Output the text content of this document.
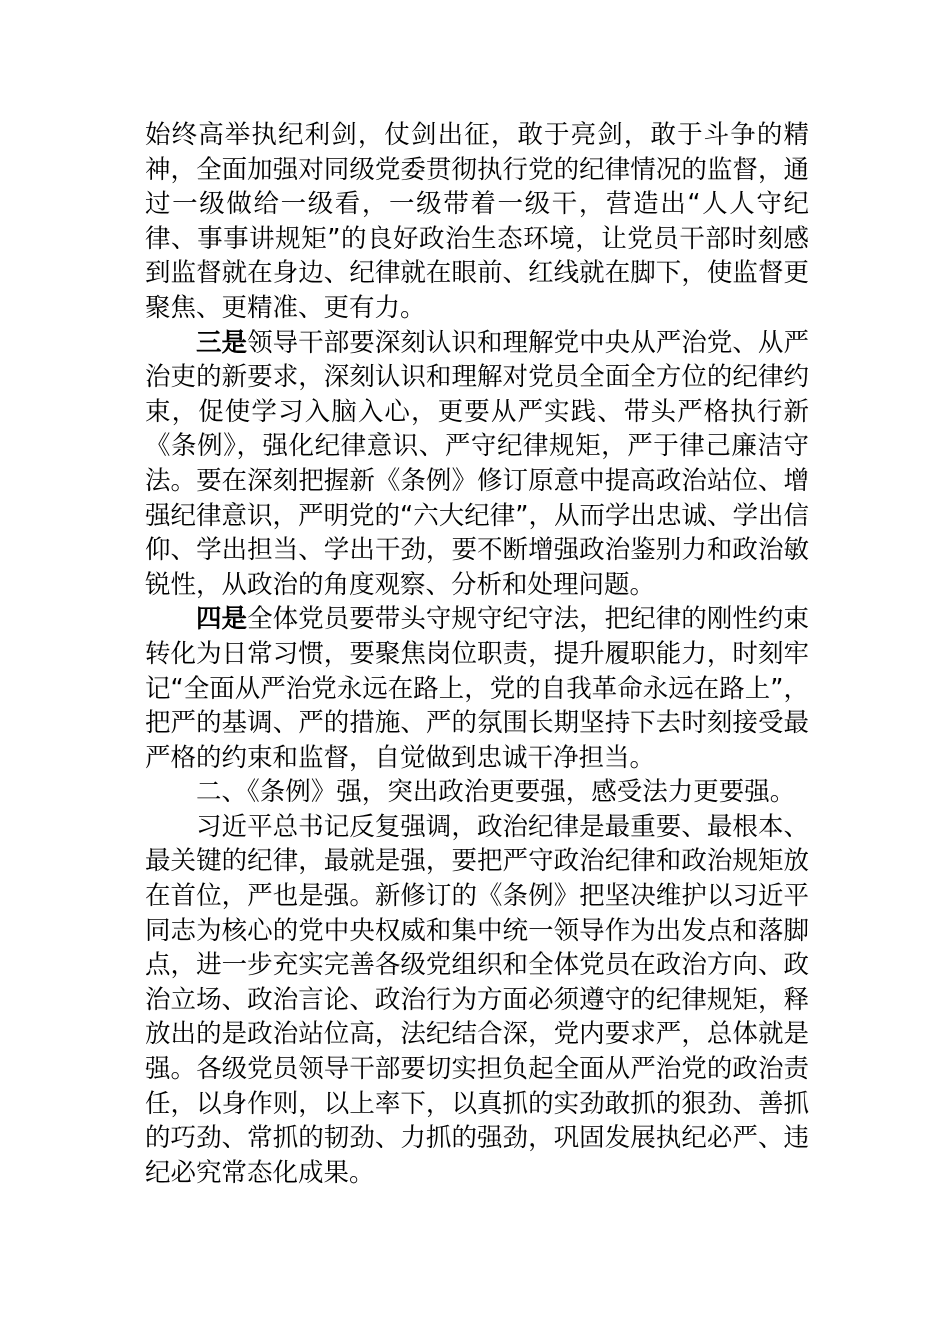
始终高举执纪利剑，仗剑出征，敢于亮剑，敢于斗争的精神，全面加强对同级党委贯彻执行党的纪律情况的监督，通过一级做给一级看，一级带着一级干，营造出“人人守纪律、事事讲规矩”的良好政治生态环境，让党员干部时刻感到监督就在身边、纪律就在眼前、红线就在脚下，使监督更聚焦、更精准、更有力。

三是领导干部要深刻认识和理解党中央从严治党、从严治吏的新要求，深刻认识和理解对党员全面全方位的纪律约束，促使学习入脑入心，更要从严实践、带头严格执行新《条例》，强化纪律意识、严守纪律规矩，严于律己廉洁守法。要在深刻把握新《条例》修订原意中提高政治站位、增强纪律意识，严明党的“六大纪律”，从而学出忠诚、学出信仰、学出担当、学出干劲，要不断增强政治鉴别力和政治敏锐性，从政治的角度观察、分析和处理问题。

四是全体党员要带头守规守纪守法，把纪律的刚性约束转化为日常习惯，要聚焦岗位职责，提升履职能力，时刻牢记“全面从严治党永远在路上，党的自我革命永远在路上”，把严的基调、严的措施、严的氛围长期坚持下去时刻接受最严格的约束和监督，自觉做到忠诚干净担当。

二、《条例》强，突出政治更要强，感受法力更要强。

习近平总书记反复强调，政治纪律是最重要、最根本、最关键的纪律，最就是强，要把严守政治纪律和政治规矩放在首位，严也是强。新修订的《条例》把坚决维护以习近平同志为核心的党中央权威和集中统一领导作为出发点和落脚点，进一步充实完善各级党组织和全体党员在政治方向、政治立场、政治言论、政治行为方面必须遵守的纪律规矩，释放出的是政治站位高，法纪结合深，党内要求严，总体就是强。各级党员领导干部要切实担负起全面从严治党的政治责任，以身作则，以上率下，以真抓的实劲敢抓的狠劲、善抓的巧劲、常抓的韧劲、力抓的强劲，巩固发展执纪必严、违纪必究常态化成果。
